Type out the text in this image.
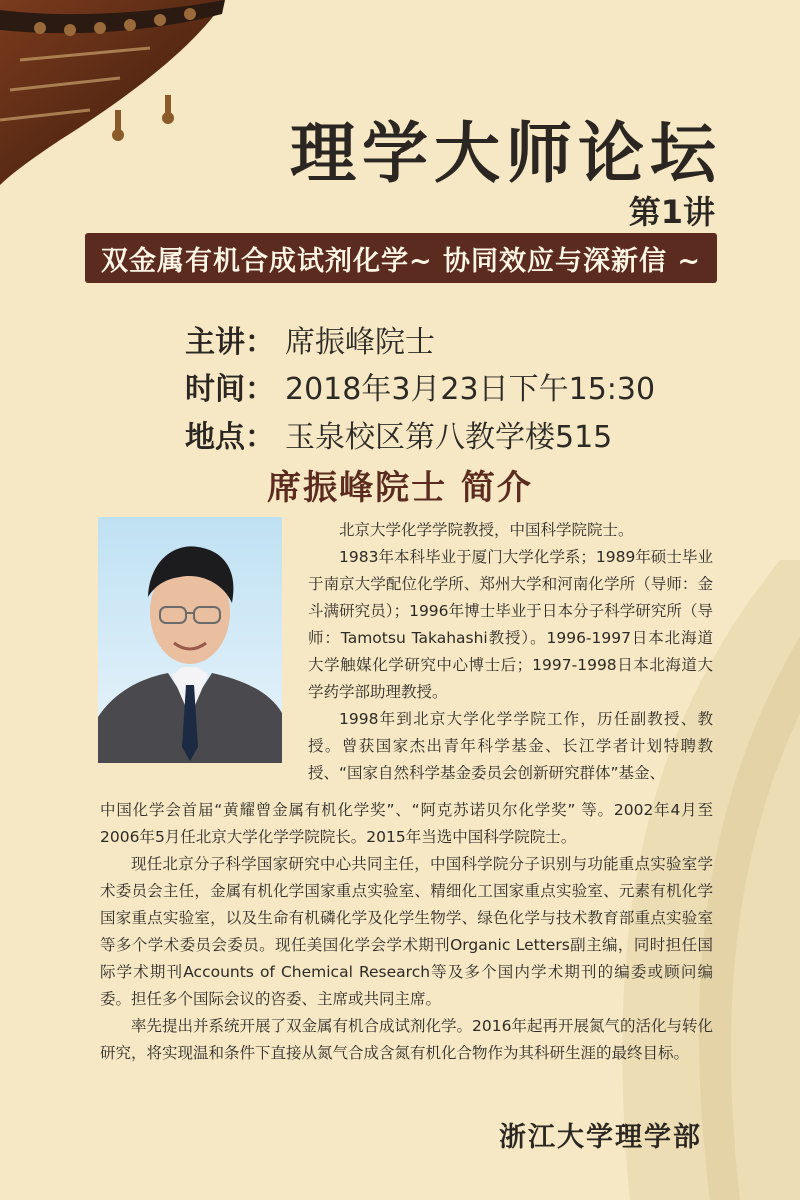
理学大师论坛
第1讲
双金属有机合成试剂化学~ 协同效应与深新信 ~
主讲： 席振峰院士
时间： 2018年3月23日下午15:30
地点： 玉泉校区第八教学楼515
席振峰院士 简介

北京大学化学学院教授，中国科学院院士。

1983年本科毕业于厦门大学化学系；1989年硕士毕业于南京大学配位化学所、郑州大学和河南化学所（导师：金斗满研究员）；1996年博士毕业于日本分子科学研究所（导师：Tamotsu Takahashi教授）。1996-1997日本北海道大学触媒化学研究中心博士后；1997-1998日本北海道大学药学部助理教授。

1998年到北京大学化学学院工作，历任副教授、教授。曾获国家杰出青年科学基金、长江学者计划特聘教授、“国家自然科学基金委员会创新研究群体”基金、

中国化学会首届“黄耀曾金属有机化学奖”、“阿克苏诺贝尔化学奖” 等。2002年4月至2006年5月任北京大学化学学院院长。2015年当选中国科学院院士。

现任北京分子科学国家研究中心共同主任，中国科学院分子识别与功能重点实验室学术委员会主任，金属有机化学国家重点实验室、精细化工国家重点实验室、元素有机化学国家重点实验室，以及生命有机磷化学及化学生物学、绿色化学与技术教育部重点实验室等多个学术委员会委员。现任美国化学会学术期刊Organic Letters副主编，同时担任国际学术期刊Accounts of Chemical Research等及多个国内学术期刊的编委或顾问编委。担任多个国际会议的咨委、主席或共同主席。

率先提出并系统开展了双金属有机合成试剂化学。2016年起再开展氮气的活化与转化研究，将实现温和条件下直接从氮气合成含氮有机化合物作为其科研生涯的最终目标。

浙江大学理学部
